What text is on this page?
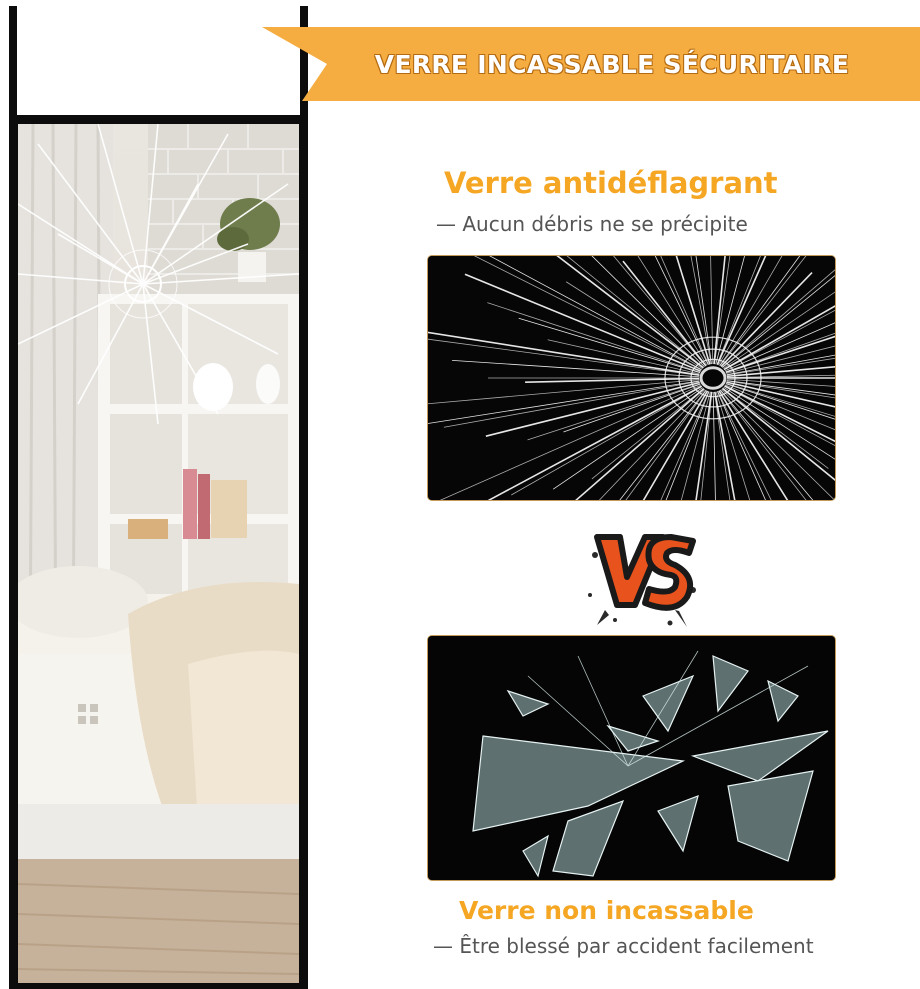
VERRE INCASSABLE SÉCURITAIRE
Verre antidéflagrant
— Aucun débris ne se précipite
VS
Verre non incassable
— Être blessé par accident facilement
